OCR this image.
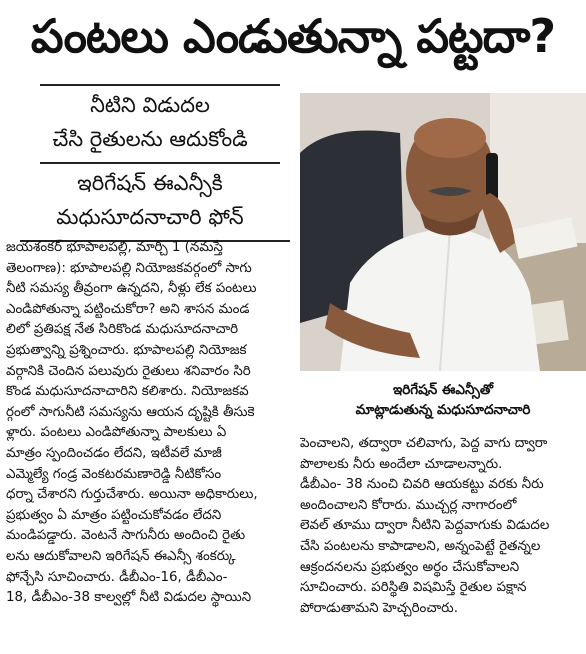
పంటలు ఎండుతున్నా పట్టదా?
నీటిని విడుదల
చేసి రైతులను ఆదుకోండి
ఇరిగేషన్ ఈఎన్సీకి
మధుసూదనాచారి ఫోన్
ఇరిగేషన్ ఈఎన్సీతో
మాట్లాడుతున్న మధుసూదనాచారి
జయశంకర్ భూపాలపల్లి, మార్చి 1 (నమస్తే
తెలంగాణ): భూపాలపల్లి నియోజకవర్గంలో సాగు
నీటి సమస్య తీవ్రంగా ఉన్నదని, నీళ్లు లేక పంటలు
ఎండిపోతున్నా పట్టించుకోరా? అని శాసన మండ
లిలో ప్రతిపక్ష నేత సిరికొండ మధుసూదనాచారి
ప్రభుత్వాన్ని ప్రశ్నించారు. భూపాలపల్లి నియోజక
వర్గానికి చెందిన పలువురు రైతులు శనివారం సిరి
కొండ మధుసూదనాచారిని కలిశారు. నియోజకవ
ర్గంలో సాగునీటి సమస్యను ఆయన దృష్టికి తీసుకె
ళ్లారు. పంటలు ఎండిపోతున్నా పాలకులు ఏ
మాత్రం స్పందించడం లేదని, ఇటీవలే మాజీ
ఎమ్మెల్యే గండ్ర వెంకటరమణారెడ్డి నీటికోసం
ధర్నా చేశారని గుర్తుచేశారు. అయినా అధికారులు,
ప్రభుత్వం ఏ మాత్రం పట్టించుకోవడం లేదని
మండిపడ్డారు. వెంటనే సాగునీరు అందించి రైతు
లను ఆదుకోవాలని ఇరిగేషన్ ఈఎన్సీ శంకర్కు
ఫోన్చేసి సూచించారు. డీబీఎం-16, డీబీఎం-
18, డీబీఎం-38 కాల్వల్లో నీటి విడుదల స్థాయిని
పెంచాలని, తద్వారా చలివాగు, పెద్ద వాగు ద్వారా
పొలాలకు నీరు అందేలా చూడాలన్నారు.
డీబీఎం- 38 నుంచి చివరి ఆయకట్టు వరకు నీరు
అందించాలని కోరారు. ముచ్చర్ల నాగారంలో
లెవల్ తూము ద్వారా నీటిని పెద్దవాగుకు విడుదల
చేసి పంటలను కాపాడాలని, అన్నంపెట్టే రైతన్నల
ఆక్రందనలను ప్రభుత్వం అర్థం చేసుకోవాలని
సూచించారు. పరిస్థితి విషమిస్తే రైతుల పక్షాన
పోరాడుతామని హెచ్చరించారు.
